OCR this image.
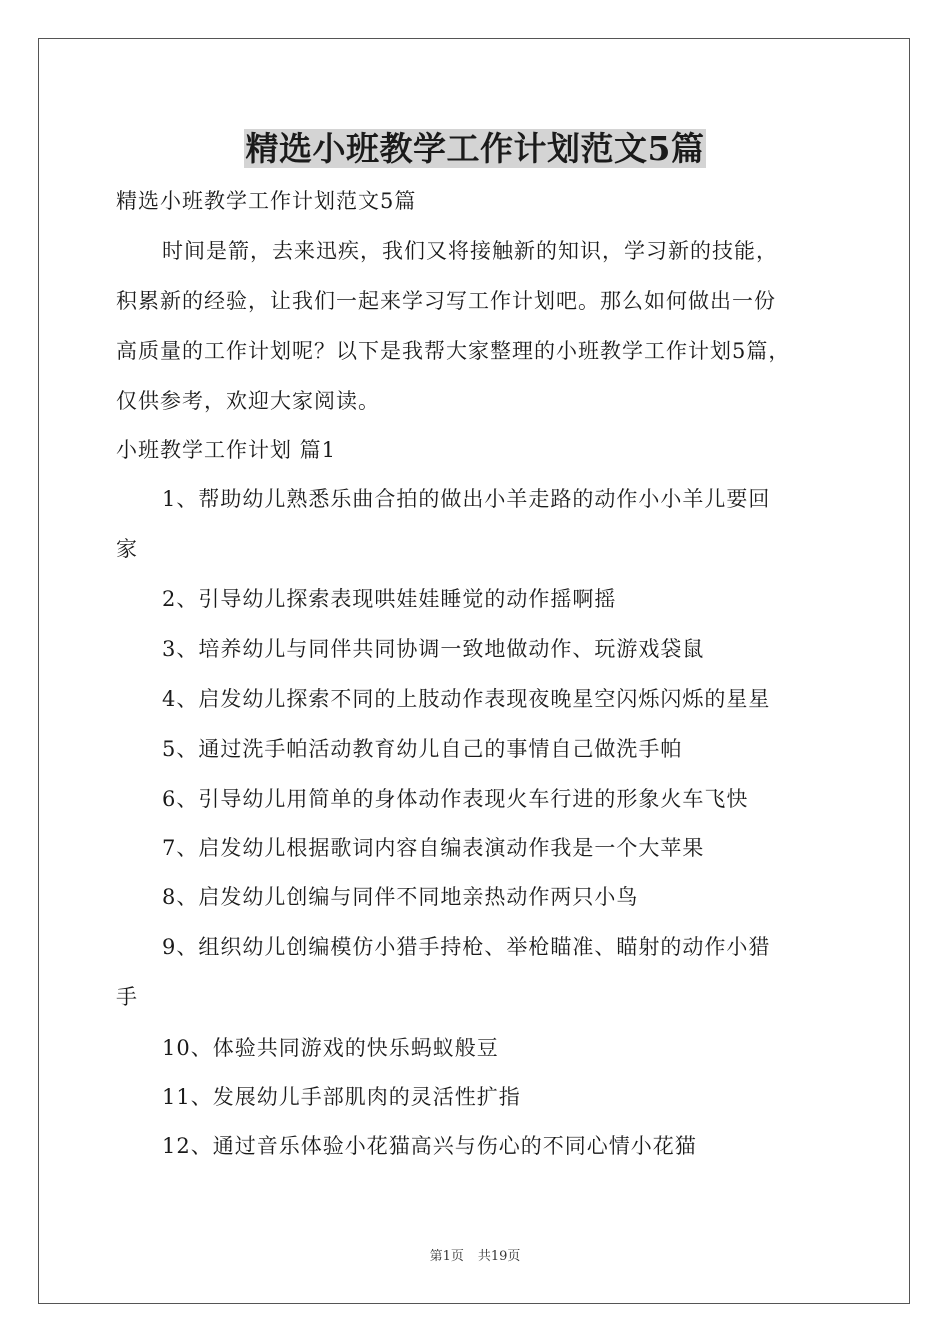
精选小班教学工作计划范文5篇
精选小班教学工作计划范文5篇
时间是箭，去来迅疾，我们又将接触新的知识，学习新的技能，
积累新的经验，让我们一起来学习写工作计划吧。那么如何做出一份
高质量的工作计划呢？以下是我帮大家整理的小班教学工作计划5篇，
仅供参考，欢迎大家阅读。
小班教学工作计划 篇1
1、帮助幼儿熟悉乐曲合拍的做出小羊走路的动作小小羊儿要回
家
2、引导幼儿探索表现哄娃娃睡觉的动作摇啊摇
3、培养幼儿与同伴共同协调一致地做动作、玩游戏袋鼠
4、启发幼儿探索不同的上肢动作表现夜晚星空闪烁闪烁的星星
5、通过洗手帕活动教育幼儿自己的事情自己做洗手帕
6、引导幼儿用简单的身体动作表现火车行进的形象火车飞快
7、启发幼儿根据歌词内容自编表演动作我是一个大苹果
8、启发幼儿创编与同伴不同地亲热动作两只小鸟
9、组织幼儿创编模仿小猎手持枪、举枪瞄准、瞄射的动作小猎
手
10、体验共同游戏的快乐蚂蚁般豆
11、发展幼儿手部肌肉的灵活性扩指
12、通过音乐体验小花猫高兴与伤心的不同心情小花猫
第1页 共19页
